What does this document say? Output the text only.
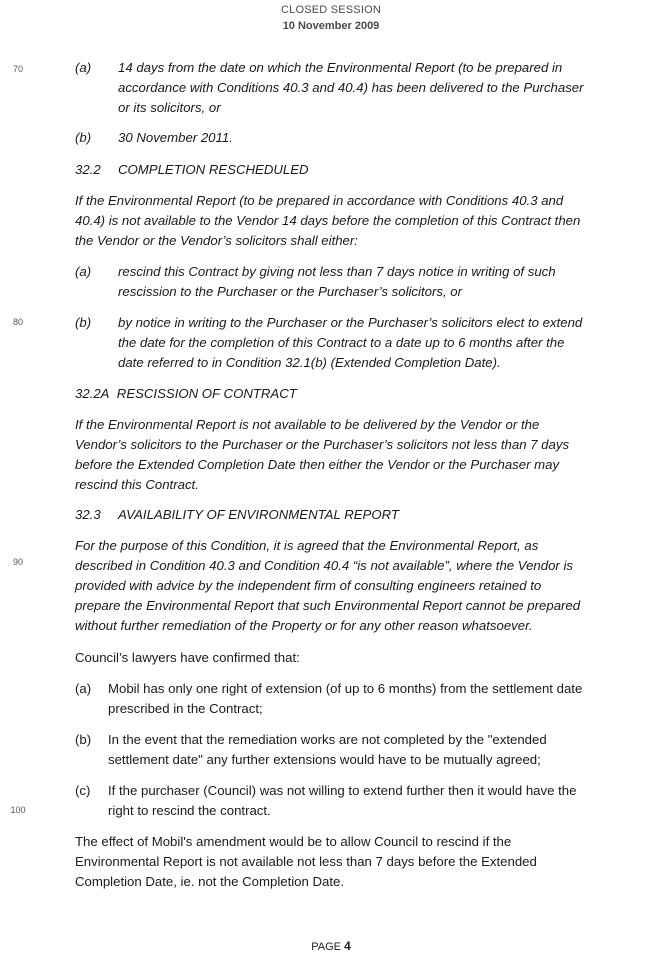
CLOSED SESSION
10 November 2009
70
80
90
100
(a) 14 days from the date on which the Environmental Report (to be prepared in
accordance with Conditions 40.3 and 40.4) has been delivered to the Purchaser
or its solicitors, or
(b) 30 November 2011.
32.2 COMPLETION RESCHEDULED
If the Environmental Report (to be prepared in accordance with Conditions 40.3 and
40.4) is not available to the Vendor 14 days before the completion of this Contract then
the Vendor or the Vendor’s solicitors shall either:
(a) rescind this Contract by giving not less than 7 days notice in writing of such
rescission to the Purchaser or the Purchaser’s solicitors, or
(b) by notice in writing to the Purchaser or the Purchaser’s solicitors elect to extend
the date for the completion of this Contract to a date up to 6 months after the
date referred to in Condition 32.1(b) (Extended Completion Date).
32.2A RESCISSION OF CONTRACT
If the Environmental Report is not available to be delivered by the Vendor or the
Vendor’s solicitors to the Purchaser or the Purchaser’s solicitors not less than 7 days
before the Extended Completion Date then either the Vendor or the Purchaser may
rescind this Contract.
32.3 AVAILABILITY OF ENVIRONMENTAL REPORT
For the purpose of this Condition, it is agreed that the Environmental Report, as
described in Condition 40.3 and Condition 40.4 “is not available”, where the Vendor is
provided with advice by the independent firm of consulting engineers retained to
prepare the Environmental Report that such Environmental Report cannot be prepared
without further remediation of the Property or for any other reason whatsoever.
Council’s lawyers have confirmed that:
(a) Mobil has only one right of extension (of up to 6 months) from the settlement date
prescribed in the Contract;
(b) In the event that the remediation works are not completed by the "extended
settlement date" any further extensions would have to be mutually agreed;
(c) If the purchaser (Council) was not willing to extend further then it would have the
right to rescind the contract.
The effect of Mobil's amendment would be to allow Council to rescind if the
Environmental Report is not available not less than 7 days before the Extended
Completion Date, ie. not the Completion Date.
PAGE 4
